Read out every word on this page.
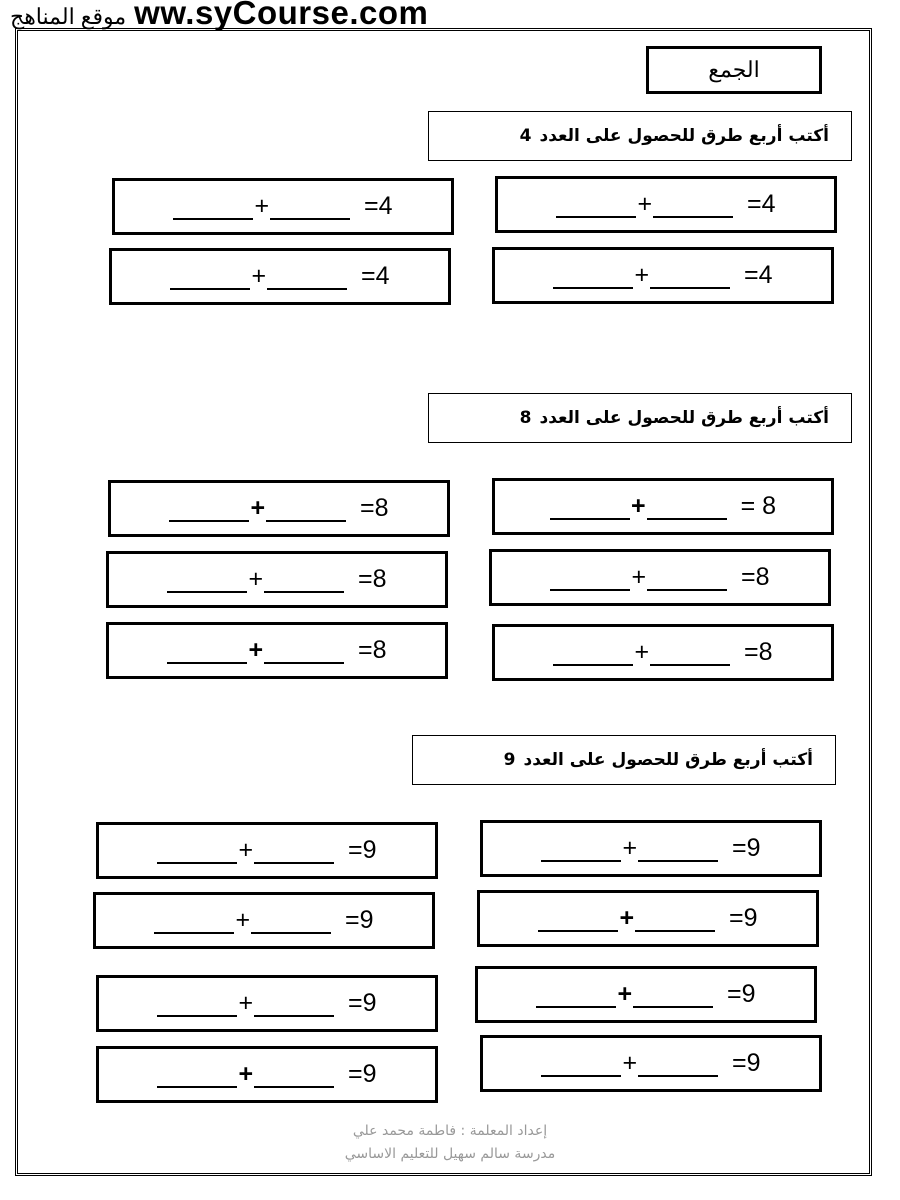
موقع المناهج ww.syCourse.com
الجمع
أكتب أربع طرق للحصول على العدد
4
+	=4	+	=4
+	=4	+	=4
أكتب أربع طرق للحصول على العدد
8
+	=8	+	= 8
+	=8	+	=8
+	=8	+	=8
أكتب أربع طرق للحصول على العدد
9
+	=9	+	=9
+	=9	+	=9
+	=9	+	=9
+	=9	+	=9
إعداد المعلمة : فاطمة محمد علي
مدرسة سالم سهيل للتعليم الاساسي
